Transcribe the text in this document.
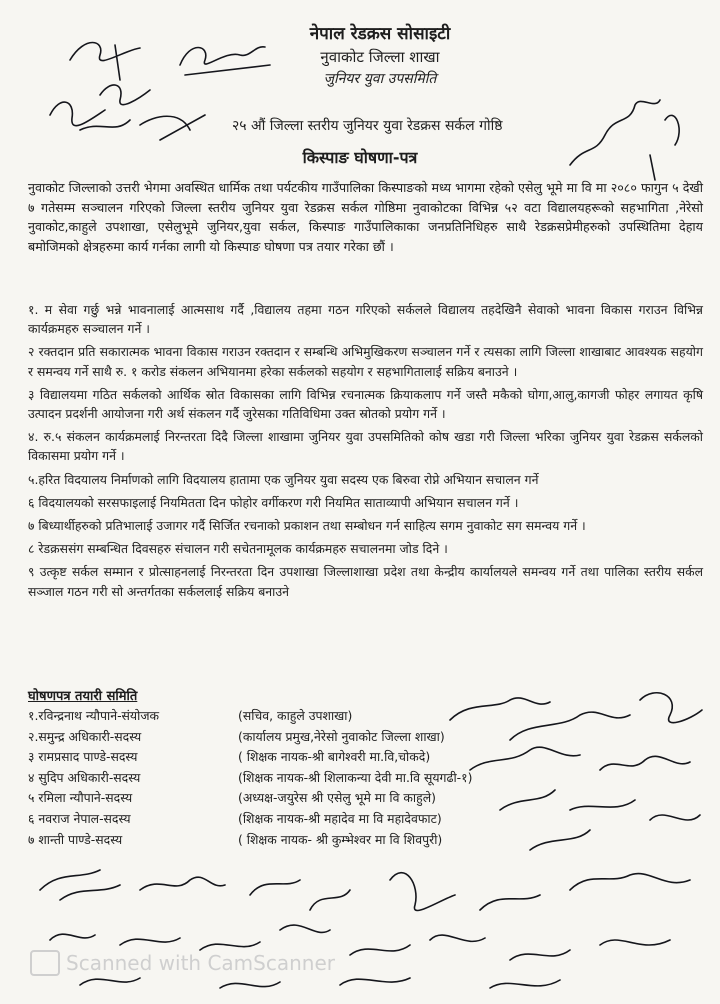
नेपाल रेडक्रस सोसाइटी
नुवाकोट जिल्ला शाखा
जुनियर युवा उपसमिति
२५ औं जिल्ला स्तरीय जुनियर युवा रेडक्रस सर्कल गोष्ठि
किस्पाङ घोषणा-पत्र
नुवाकोट जिल्लाको उत्तरी भेगमा अवस्थित धार्मिक तथा पर्यटकीय गाउँपालिका किस्पाङको मध्य भागमा रहेको एसेलु भूमे मा वि मा २०८० फागुन ५ देखी ७ गतेसम्म सञ्चालन गरिएको जिल्ला स्तरीय जुनियर युवा रेडक्रस सर्कल गोष्ठिमा नुवाकोटका विभिन्न ५२ वटा विद्यालयहरूको सहभागिता ,नेरेसो नुवाकोट,काहुले उपशाखा, एसेलुभूमे जुनियर,युवा सर्कल, किस्पाङ गाउँपालिकाका जनप्रतिनिधिहरु साथै रेडक्रसप्रेमीहरुको उपस्थितिमा देहाय बमोजिमको क्षेत्रहरुमा कार्य गर्नका लागी यो किस्पाङ घोषणा पत्र तयार गरेका छौं ।
१. म सेवा गर्छु भन्ने भावनालाई आत्मसाथ गर्दै ,विद्यालय तहमा गठन गरिएको सर्कलले विद्यालय तहदेखिनै सेवाको भावना विकास गराउन विभिन्न कार्यक्रमहरु सञ्चालन गर्ने ।
२ रक्तदान प्रति सकारात्मक भावना विकास गराउन रक्तदान र सम्बन्धि अभिमुखिकरण सञ्चालन गर्ने र त्यसका लागि जिल्ला शाखाबाट आवश्यक सहयोग र समन्वय गर्ने साथै रु. १ करोड संकलन अभियानमा हरेका सर्कलको सहयोग र सहभागितालाई सक्रिय बनाउने ।
३ विद्यालयमा गठित सर्कलको आर्थिक स्रोत विकासका लागि विभिन्न रचनात्मक क्रियाकलाप गर्ने जस्तै मकैको घोगा,आलु,कागजी फोहर लगायत कृषि उत्पादन प्रदर्शनी आयोजना गरी अर्थ संकलन गर्दै जुरेसका गतिविधिमा उक्त स्रोतको प्रयोग गर्ने ।
४. रु.५ संकलन कार्यक्रमलाई निरन्तरता दिदै जिल्ला शाखामा जुनियर युवा उपसमितिको कोष खडा गरी जिल्ला भरिका जुनियर युवा रेडक्रस सर्कलको विकासमा प्रयोग गर्ने ।
५.हरित विदयालय निर्माणको लागि विदयालय हातामा एक जुनियर युवा सदस्य एक बिरुवा रोप्ने अभियान सचालन गर्ने
६ विदयालयको सरसफाइलाई नियमितता दिन फोहोर वर्गीकरण गरी नियमित साताव्यापी अभियान सचालन गर्ने ।
७ बिध्यार्थीहरुको प्रतिभालाई उजागर गर्दै सिर्जित रचनाको प्रकाशन तथा सम्बोधन गर्न साहित्य सगम नुवाकोट सग समन्वय गर्ने ।
८ रेडक्रससंग सम्बन्धित दिवसहरु संचालन गरी सचेतनामूलक कार्यक्रमहरु सचालनमा जोड दिने ।
९ उत्कृष्ट सर्कल सम्मान र प्रोत्साहनलाई निरन्तरता दिन उपशाखा जिल्लाशाखा प्रदेश तथा केन्द्रीय कार्यालयले समन्वय गर्ने तथा पालिका स्तरीय सर्कल सञ्जाल गठन गरी सो अन्तर्गतका सर्कललाई सक्रिय बनाउने
घोषणपत्र तयारी समिति
१.रविन्द्रनाथ न्यौपाने-संयोजक	(सचिव, काहुले उपशाखा)
२.समुन्द्र अधिकारी-सदस्य	(कार्यालय प्रमुख,नेरेसो नुवाकोट जिल्ला शाखा)
३ रामप्रसाद पाण्डे-सदस्य	( शिक्षक नायक-श्री बागेश्वरी मा.वि,चोकदे)
४ सुदिप अधिकारी-सदस्य	(शिक्षक नायक-श्री शिलाकन्या देवी मा.वि सूयगढी-१)
५ रमिला न्यौपाने-सदस्य	(अध्यक्ष-जयुरेस श्री एसेलु भूमे मा वि काहुले)
६ नवराज नेपाल-सदस्य	(शिक्षक नायक-श्री महादेव मा वि महादेवफाट)
७ शान्ती पाण्डे-सदस्य	( शिक्षक नायक- श्री कुम्भेश्वर मा वि शिवपुरी)
Scanned with CamScanner
